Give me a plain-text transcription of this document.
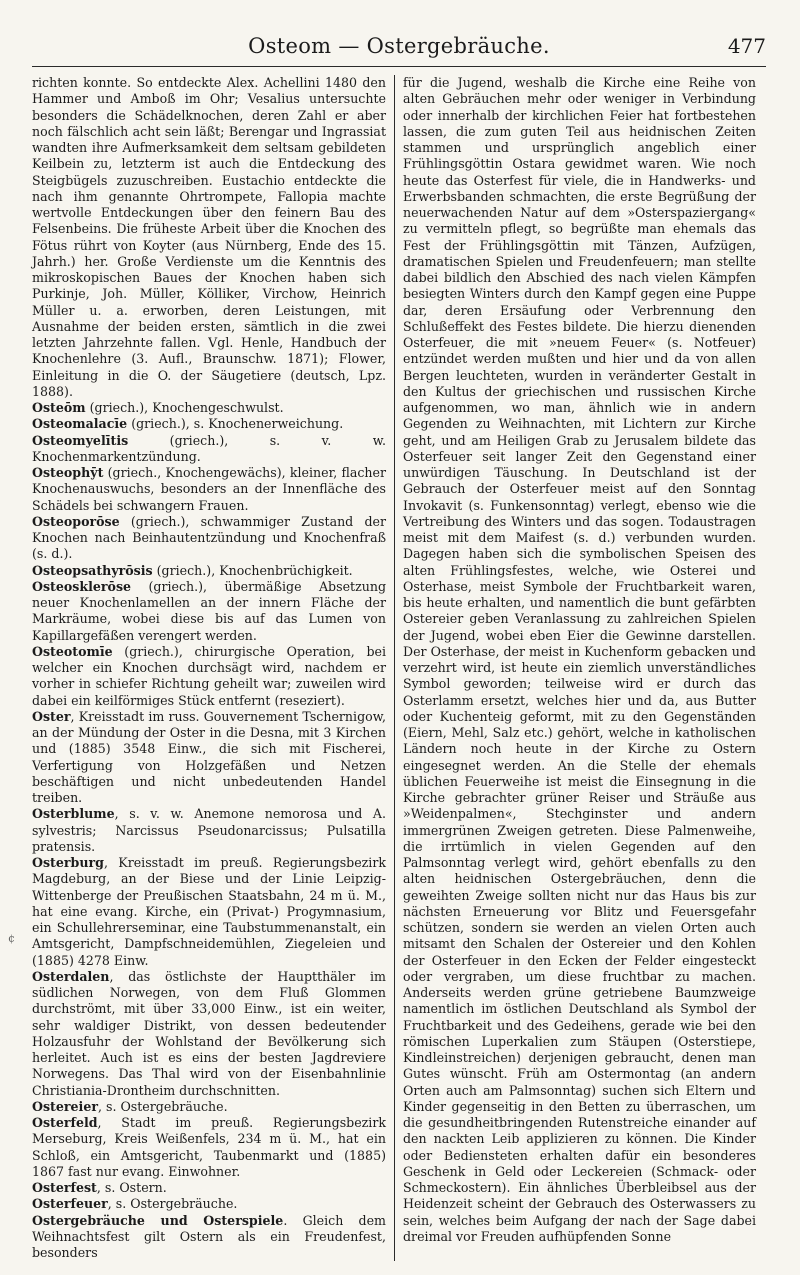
Osteom — Ostergebräuche.	477
¢

richten konnte. So entdeckte Alex. Achellini 1480 den Hammer und Amboß im Ohr; Vesalius untersuchte besonders die Schädelknochen, deren Zahl er aber noch fälschlich acht sein läßt; Berengar und Ingrassiat wandten ihre Aufmerksamkeit dem seltsam gebildeten Keilbein zu, letzterm ist auch die Entdeckung des Steigbügels zuzuschreiben. Eustachio entdeckte die nach ihm genannte Ohrtrompete, Fallopia machte wertvolle Entdeckungen über den feinern Bau des Felsenbeins. Die früheste Arbeit über die Knochen des Fötus rührt von Koyter (aus Nürnberg, Ende des 15. Jahrh.) her. Große Verdienste um die Kenntnis des mikroskopischen Baues der Knochen haben sich Purkinje, Joh. Müller, Kölliker, Virchow, Heinrich Müller u. a. erworben, deren Leistungen, mit Ausnahme der beiden ersten, sämtlich in die zwei letzten Jahrzehnte fallen. Vgl. Henle, Handbuch der Knochenlehre (3. Aufl., Braunschw. 1871); Flower, Einleitung in die O. der Säugetiere (deutsch, Lpz. 1888).

Osteōm (griech.), Knochengeschwulst.

Osteomalacīe (griech.), s. Knochenerweichung.

Osteomyelītis (griech.), s. v. w. Knochenmarkentzündung.

Osteophȳt (griech., Knochengewächs), kleiner, flacher Knochenauswuchs, besonders an der Innenfläche des Schädels bei schwangern Frauen.

Osteoporōse (griech.), schwammiger Zustand der Knochen nach Beinhautentzündung und Knochenfraß (s. d.).

Osteopsathyrōsis (griech.), Knochenbrüchigkeit.

Osteosklerōse (griech.), übermäßige Absetzung neuer Knochenlamellen an der innern Fläche der Markräume, wobei diese bis auf das Lumen von Kapillargefäßen verengert werden.

Osteotomīe (griech.), chirurgische Operation, bei welcher ein Knochen durchsägt wird, nachdem er vorher in schiefer Richtung geheilt war; zuweilen wird dabei ein keilförmiges Stück entfernt (reseziert).

Oster, Kreisstadt im russ. Gouvernement Tschernigow, an der Mündung der Oster in die Desna, mit 3 Kirchen und (1885) 3548 Einw., die sich mit Fischerei, Verfertigung von Holzgefäßen und Netzen beschäftigen und nicht unbedeutenden Handel treiben.

Osterblume, s. v. w. Anemone nemorosa und A. sylvestris; Narcissus Pseudonarcissus; Pulsatilla pratensis.

Osterburg, Kreisstadt im preuß. Regierungsbezirk Magdeburg, an der Biese und der Linie Leipzig-Wittenberge der Preußischen Staatsbahn, 24 m ü. M., hat eine evang. Kirche, ein (Privat-) Progymnasium, ein Schullehrerseminar, eine Taubstummenanstalt, ein Amtsgericht, Dampfschneidemühlen, Ziegeleien und (1885) 4278 Einw.

Osterdalen, das östlichste der Hauptthäler im südlichen Norwegen, von dem Fluß Glommen durchströmt, mit über 33,000 Einw., ist ein weiter, sehr waldiger Distrikt, von dessen bedeutender Holzausfuhr der Wohlstand der Bevölkerung sich herleitet. Auch ist es eins der besten Jagdreviere Norwegens. Das Thal wird von der Eisenbahnlinie Christiania-Drontheim durchschnitten.

Ostereier, s. Ostergebräuche.

Osterfeld, Stadt im preuß. Regierungsbezirk Merseburg, Kreis Weißenfels, 234 m ü. M., hat ein Schloß, ein Amtsgericht, Taubenmarkt und (1885) 1867 fast nur evang. Einwohner.

Osterfest, s. Ostern.

Osterfeuer, s. Ostergebräuche.

Ostergebräuche und Osterspiele. Gleich dem Weihnachtsfest gilt Ostern als ein Freudenfest, besonders

für die Jugend, weshalb die Kirche eine Reihe von alten Gebräuchen mehr oder weniger in Verbindung oder innerhalb der kirchlichen Feier hat fortbestehen lassen, die zum guten Teil aus heidnischen Zeiten stammen und ursprünglich angeblich einer Frühlingsgöttin Ostara gewidmet waren. Wie noch heute das Osterfest für viele, die in Handwerks- und Erwerbsbanden schmachten, die erste Begrüßung der neuerwachenden Natur auf dem »Osterspaziergang« zu vermitteln pflegt, so begrüßte man ehemals das Fest der Frühlingsgöttin mit Tänzen, Aufzügen, dramatischen Spielen und Freudenfeuern; man stellte dabei bildlich den Abschied des nach vielen Kämpfen besiegten Winters durch den Kampf gegen eine Puppe dar, deren Ersäufung oder Verbrennung den Schlußeffekt des Festes bildete. Die hierzu dienenden Osterfeuer, die mit »neuem Feuer« (s. Notfeuer) entzündet werden mußten und hier und da von allen Bergen leuchteten, wurden in veränderter Gestalt in den Kultus der griechischen und russischen Kirche aufgenommen, wo man, ähnlich wie in andern Gegenden zu Weihnachten, mit Lichtern zur Kirche geht, und am Heiligen Grab zu Jerusalem bildete das Osterfeuer seit langer Zeit den Gegenstand einer unwürdigen Täuschung. In Deutschland ist der Gebrauch der Osterfeuer meist auf den Sonntag Invokavit (s. Funkensonntag) verlegt, ebenso wie die Vertreibung des Winters und das sogen. Todaustragen meist mit dem Maifest (s. d.) verbunden wurden. Dagegen haben sich die symbolischen Speisen des alten Frühlingsfestes, welche, wie Osterei und Osterhase, meist Symbole der Fruchtbarkeit waren, bis heute erhalten, und namentlich die bunt gefärbten Ostereier geben Veranlassung zu zahlreichen Spielen der Jugend, wobei eben Eier die Gewinne darstellen. Der Osterhase, der meist in Kuchenform gebacken und verzehrt wird, ist heute ein ziemlich unverständliches Symbol geworden; teilweise wird er durch das Osterlamm ersetzt, welches hier und da, aus Butter oder Kuchenteig geformt, mit zu den Gegenständen (Eiern, Mehl, Salz etc.) gehört, welche in katholischen Ländern noch heute in der Kirche zu Ostern eingesegnet werden. An die Stelle der ehemals üblichen Feuerweihe ist meist die Einsegnung in die Kirche gebrachter grüner Reiser und Sträuße aus »Weidenpalmen«, Stechginster und andern immergrünen Zweigen getreten. Diese Palmenweihe, die irrtümlich in vielen Gegenden auf den Palmsonntag verlegt wird, gehört ebenfalls zu den alten heidnischen Ostergebräuchen, denn die geweihten Zweige sollten nicht nur das Haus bis zur nächsten Erneuerung vor Blitz und Feuersgefahr schützen, sondern sie werden an vielen Orten auch mitsamt den Schalen der Ostereier und den Kohlen der Osterfeuer in den Ecken der Felder eingesteckt oder vergraben, um diese fruchtbar zu machen. Anderseits werden grüne getriebene Baumzweige namentlich im östlichen Deutschland als Symbol der Fruchtbarkeit und des Gedeihens, gerade wie bei den römischen Luperkalien zum Stäupen (Osterstiepe, Kindleinstreichen) derjenigen gebraucht, denen man Gutes wünscht. Früh am Ostermontag (an andern Orten auch am Palmsonntag) suchen sich Eltern und Kinder gegenseitig in den Betten zu überraschen, um die gesundheitbringenden Rutenstreiche einander auf den nackten Leib applizieren zu können. Die Kinder oder Bediensteten erhalten dafür ein besonderes Geschenk in Geld oder Leckereien (Schmack- oder Schmeckostern). Ein ähnliches Überbleibsel aus der Heidenzeit scheint der Gebrauch des Osterwassers zu sein, welches beim Aufgang der nach der Sage dabei dreimal vor Freuden aufhüpfenden Sonne
